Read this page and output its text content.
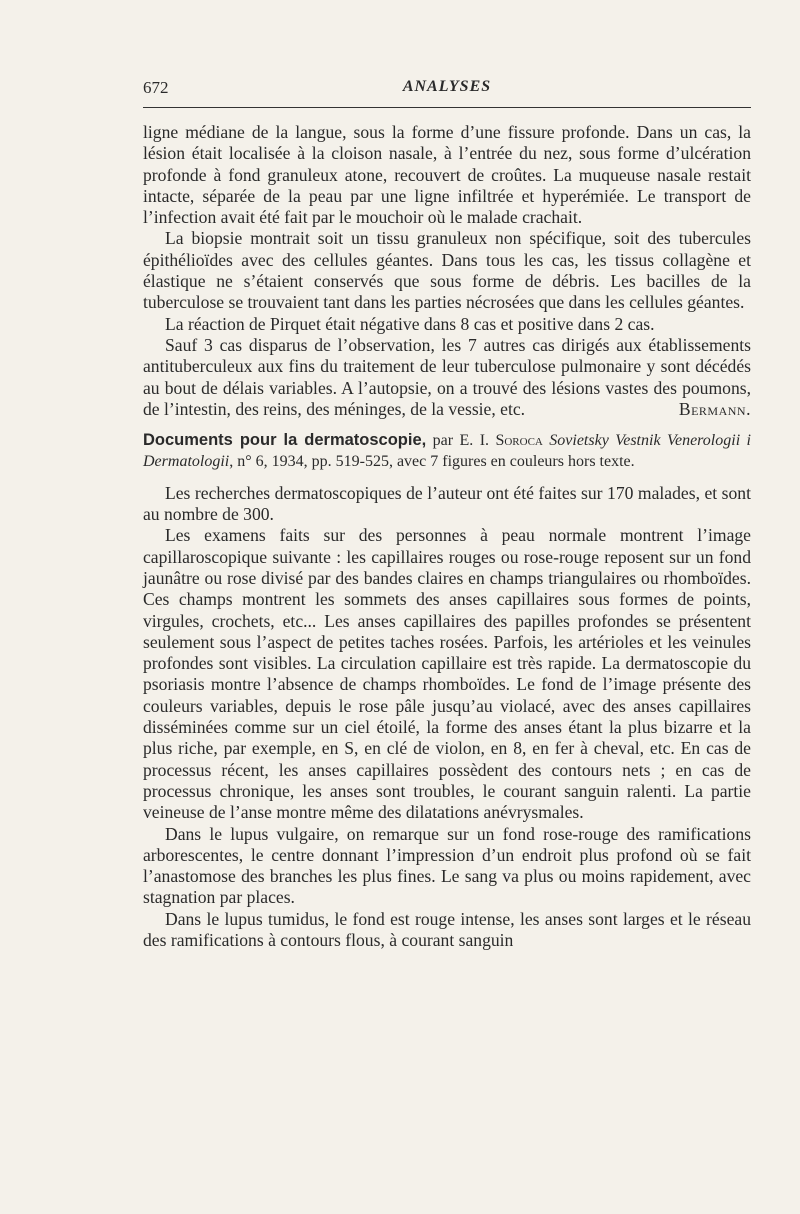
672	ANALYSES

ligne médiane de la langue, sous la forme d’une fissure profonde. Dans un cas, la lésion était localisée à la cloison nasale, à l’entrée du nez, sous forme d’ulcération profonde à fond granuleux atone, recouvert de croûtes. La muqueuse nasale restait intacte, séparée de la peau par une ligne infiltrée et hyperémiée. Le transport de l’infection avait été fait par le mouchoir où le malade crachait.

La biopsie montrait soit un tissu granuleux non spécifique, soit des tubercules épithélioïdes avec des cellules géantes. Dans tous les cas, les tissus collagène et élastique ne s’étaient conservés que sous forme de débris. Les bacilles de la tuberculose se trouvaient tant dans les parties nécrosées que dans les cellules géantes.

La réaction de Pirquet était négative dans 8 cas et positive dans 2 cas.

Sauf 3 cas disparus de l’observation, les 7 autres cas dirigés aux établissements antituberculeux aux fins du traitement de leur tuberculose pulmonaire y sont décédés au bout de délais variables. A l’autopsie, on a trouvé des lésions vastes des poumons, de l’intestin, des reins, des méninges, de la vessie, etc.	Bermann.

Documents pour la dermatoscopie, par E. I. Soroca Sovietsky Vestnik Venerologii i Dermatologii, n° 6, 1934, pp. 519-525, avec 7 figures en couleurs hors texte.

Les recherches dermatoscopiques de l’auteur ont été faites sur 170 malades, et sont au nombre de 300.

Les examens faits sur des personnes à peau normale montrent l’image capillaroscopique suivante : les capillaires rouges ou rose-rouge reposent sur un fond jaunâtre ou rose divisé par des bandes claires en champs triangulaires ou rhomboïdes. Ces champs montrent les sommets des anses capillaires sous formes de points, virgules, crochets, etc... Les anses capillaires des papilles profondes se présentent seulement sous l’aspect de petites taches rosées. Parfois, les artérioles et les veinules profondes sont visibles. La circulation capillaire est très rapide. La dermatoscopie du psoriasis montre l’absence de champs rhomboïdes. Le fond de l’image présente des couleurs variables, depuis le rose pâle jusqu’au violacé, avec des anses capillaires disséminées comme sur un ciel étoilé, la forme des anses étant la plus bizarre et la plus riche, par exemple, en S, en clé de violon, en 8, en fer à cheval, etc. En cas de processus récent, les anses capillaires possèdent des contours nets ; en cas de processus chronique, les anses sont troubles, le courant sanguin ralenti. La partie veineuse de l’anse montre même des dilatations anévrysmales.

Dans le lupus vulgaire, on remarque sur un fond rose-rouge des ramifications arborescentes, le centre donnant l’impression d’un endroit plus profond où se fait l’anastomose des branches les plus fines. Le sang va plus ou moins rapidement, avec stagnation par places.

Dans le lupus tumidus, le fond est rouge intense, les anses sont larges et le réseau des ramifications à contours flous, à courant sanguin
